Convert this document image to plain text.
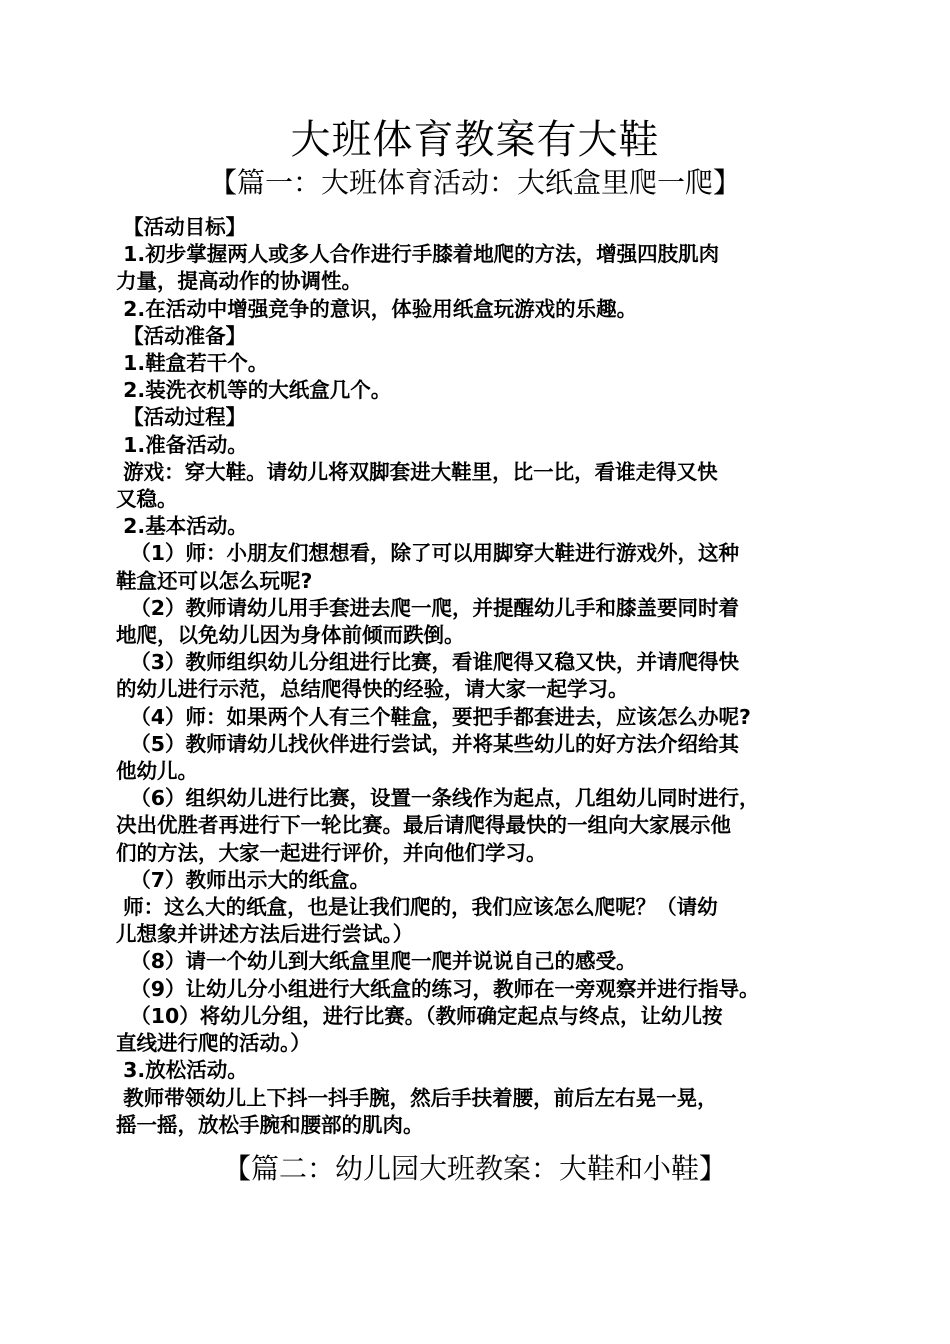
大班体育教案有大鞋
【篇一：大班体育活动：大纸盒里爬一爬】
【活动目标】
1.初步掌握两人或多人合作进行手膝着地爬的方法，增强四肢肌肉
力量，提高动作的协调性。
2.在活动中增强竞争的意识，体验用纸盒玩游戏的乐趣。
【活动准备】
1.鞋盒若干个。
2.装洗衣机等的大纸盒几个。
【活动过程】
1.准备活动。
游戏：穿大鞋。请幼儿将双脚套进大鞋里，比一比，看谁走得又快
又稳。
2.基本活动。
（1）师：小朋友们想想看，除了可以用脚穿大鞋进行游戏外，这种
鞋盒还可以怎么玩呢?
（2）教师请幼儿用手套进去爬一爬，并提醒幼儿手和膝盖要同时着
地爬，以免幼儿因为身体前倾而跌倒。
（3）教师组织幼儿分组进行比赛，看谁爬得又稳又快，并请爬得快
的幼儿进行示范，总结爬得快的经验，请大家一起学习。
（4）师：如果两个人有三个鞋盒，要把手都套进去，应该怎么办呢?
（5）教师请幼儿找伙伴进行尝试，并将某些幼儿的好方法介绍给其
他幼儿。
（6）组织幼儿进行比赛，设置一条线作为起点，几组幼儿同时进行，
决出优胜者再进行下一轮比赛。最后请爬得最快的一组向大家展示他
们的方法，大家一起进行评价，并向他们学习。
（7）教师出示大的纸盒。
师：这么大的纸盒，也是让我们爬的，我们应该怎么爬呢？（请幼
儿想象并讲述方法后进行尝试。）
（8）请一个幼儿到大纸盒里爬一爬并说说自己的感受。
（9）让幼儿分小组进行大纸盒的练习，教师在一旁观察并进行指导。
（10）将幼儿分组，进行比赛。（教师确定起点与终点，让幼儿按
直线进行爬的活动。）
3.放松活动。
教师带领幼儿上下抖一抖手腕，然后手扶着腰，前后左右晃一晃，
摇一摇，放松手腕和腰部的肌肉。
【篇二：幼儿园大班教案：大鞋和小鞋】
